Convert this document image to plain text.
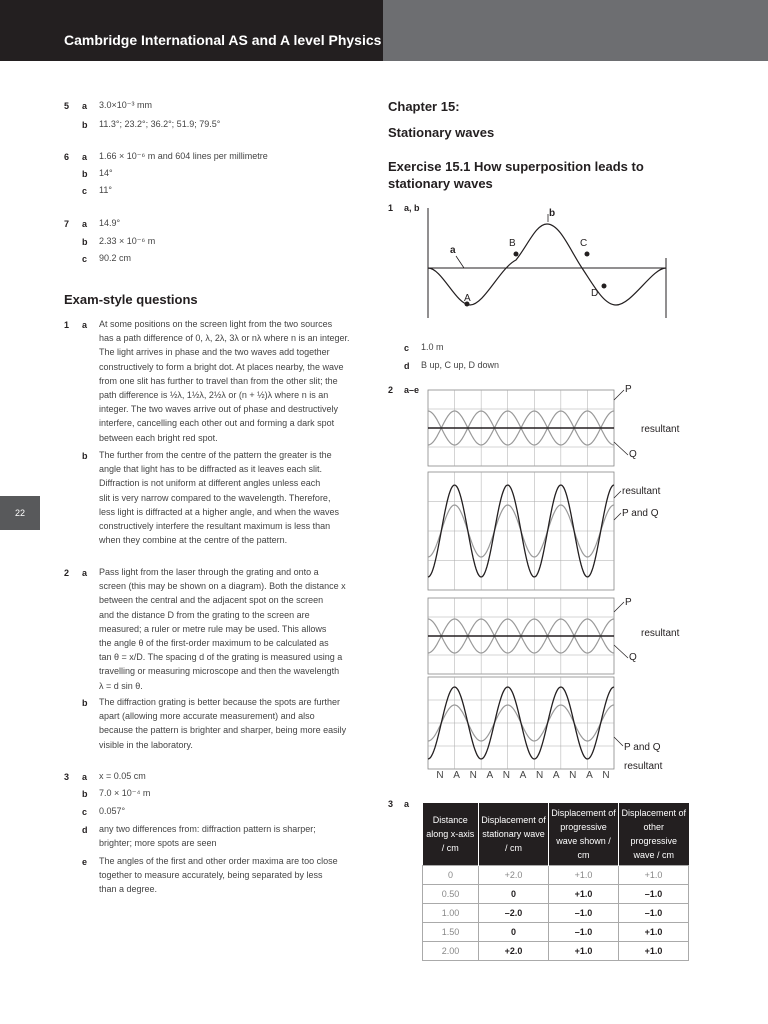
Cambridge International AS and A level Physics
22
5 a 3.0×10⁻³ mm
b 11.3°; 23.2°; 36.2°; 51.9; 79.5°
6 a 1.66 × 10⁻⁶ m and 604 lines per millimetre
b 14°
c 11°
7 a 14.9°
b 2.33 × 10⁻⁶ m
c 90.2 cm
Exam-style questions
1 a At some positions on the screen light from the two sources
has a path difference of 0, λ, 2λ, 3λ or nλ where n is an integer.
The light arrives in phase and the two waves add together
constructively to form a bright dot. At places nearby, the wave
from one slit has further to travel than from the other slit; the
path difference is ½λ, 1½λ, 2½λ or (n + ½)λ where n is an
integer. The two waves arrive out of phase and destructively
interfere, cancelling each other out and forming a dark spot
between each bright red spot.
b The further from the centre of the pattern the greater is the
angle that light has to be diffracted as it leaves each slit.
Diffraction is not uniform at different angles unless each
slit is very narrow compared to the wavelength. Therefore,
less light is diffracted at a higher angle, and when the waves
constructively interfere the resultant maximum is less than
when they combine at the centre of the pattern.
2 a Pass light from the laser through the grating and onto a
screen (this may be shown on a diagram). Both the distance x
between the central and the adjacent spot on the screen
and the distance D from the grating to the screen are
measured; a ruler or metre rule may be used. This allows
the angle θ of the first-order maximum to be calculated as
tan θ = x/D. The spacing d of the grating is measured using a
travelling or measuring microscope and then the wavelength
λ = d sin θ.
b The diffraction grating is better because the spots are further
apart (allowing more accurate measurement) and also
because the pattern is brighter and sharper, being more easily
visible in the laboratory.
3 a x = 0.05 cm
b 7.0 × 10⁻⁴ m
c 0.057°
d any two differences from: diffraction pattern is sharper;
brighter; more spots are seen
e The angles of the first and other order maxima are too close
together to measure accurately, being separated by less
than a degree.
Chapter 15:
Stationary waves
Exercise 15.1 How superposition leads to stationary waves
1 a, b
a
b
A
B	C
D
c 1.0 m
d B up, C up, D down
2 a–e	P
resultant
Q
resultant
P and Q
P
resultant
Q
P and Q
resultant
N A N A N A N A N A N
3 a
Distance along x-axis / cm	Displacement of stationary wave / cm	Displacement of progressive wave shown / cm	Displacement of other progressive wave / cm
0	+2.0	+1.0	+1.0
0.50	0	+1.0	–1.0
1.00	–2.0	–1.0	–1.0
1.50	0	–1.0	+1.0
2.00	+2.0	+1.0	+1.0
